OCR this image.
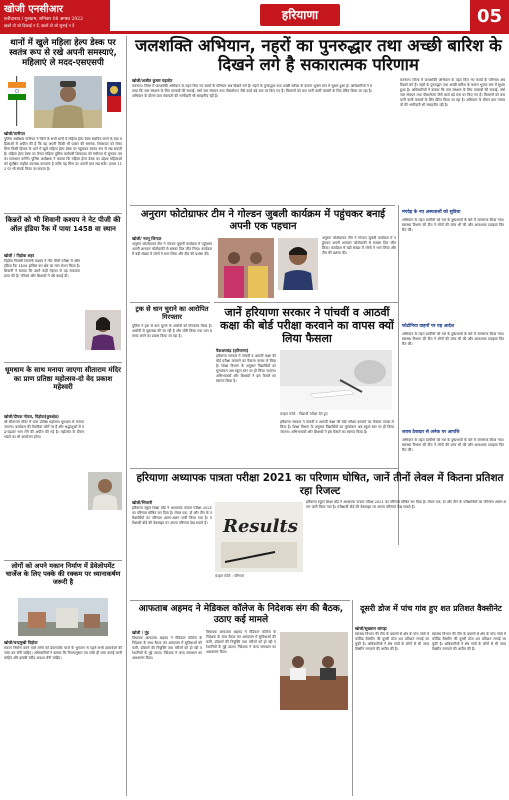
खोजी एनसीआर
फ़रीदाबाद / गुरुग्राम, शनिवार 08 अगस्त 2022
ख़बरें वो जो दिखाई न दें, ख़बरें वो जो सुनाई न दें
हरियाणा	05
थानों में खुले महिला हेल्प डेस्क पर स्वतंत्र रूप से रखे अपनी समस्याएं, महिलाएं ले मदद-एसएसपी
खोजी/पानीपत
पुलिस अधीक्षक पानीपत ने जिले के सभी थानों में महिला हेल्प डेस्क स्थापित करने के बाद महिलाओं से अपील की है कि वह अपनी किसी भी प्रकार की समस्या, शिकायत को लेकर बिना किसी हिचक के थाने में खुले महिला हेल्प डेस्क पर पहुंचकर स्वतंत्र रूप से रख सकती हैं। महिला हेल्प डेस्क पर तैनात महिला पुलिस कर्मचारी शिकायत को गंभीरता से सुनकर उसका समाधान करेंगी। पुलिस अधीक्षक ने बताया कि महिला हेल्प डेस्क का उद्देश्य महिलाओं को सुरक्षित माहौल उपलब्ध करवाना है ताकि वह बिना डर अपनी बात रख सकें। डायल 112 पर भी संपर्क किया जा सकता है।
किन्नरों को भी शिवानी कश्यप ने नेट पीजी की ऑल इंडिया रैंक में पाया 1458 वा स्थान
खोजी / पिहोवा शहर
पिहोवा निवासी शिवानी कश्यप ने नीट पीजी परीक्षा में ऑल इंडिया रैंक 1458 हासिल कर क्षेत्र का नाम रोशन किया है। शिवानी ने बताया कि उसने कड़ी मेहनत से यह सफलता प्राप्त की है। परिवार और शिक्षकों ने उसे बधाई दी।
धूमधाम के साथ मनाया जाएगा सीताराम मंदिर का प्राण प्रतिष्ठा महोत्सव-दो वेद प्रकाश महेश्वरी
खोजी/दीपक गोयल, पिहोवा(कुरुक्षेत्र)
श्री सीताराम मंदिर में प्राण प्रतिष्ठा महोत्सव धूमधाम से मनाया जाएगा। कार्यक्रम की तैयारियां जोरों पर हैं और श्रद्धालुओं से बढ़-चढ़कर भाग लेने की अपील की गई है। महोत्सव के दौरान भंडारे का भी आयोजन होगा।
लोगों को अपने मकान निर्माण में डेवेलोपमेंट चार्जेज के लिए पक्के की रक्कम पर ध्यानाकर्षण जरूरी है
खोजी/चन्द्रमुखी पिहोवा
मकान निर्माण करने वाले लोगों को डेवलपमेंट चार्ज के भुगतान से पहले सभी दस्तावेजों की जांच कर लेनी चाहिए। अधिकारियों ने बताया कि नियमानुसार तय राशि ही जमा कराई जानी चाहिए और इसकी रसीद अवश्य लेनी चाहिए।
जलशक्ति अभियान, नहरों का पुनरुद्धार तथा अच्छी बारिश के दिखने लगे है सकारात्मक परिणाम
खोजी/अजीत कुमार गहलोत
करनाल। जिला में जलशक्ति अभियान के तहत किए गए कार्यों के परिणाम अब दिखने लगे हैं। नहरों के पुनरुद्धार तथा अच्छी बारिश के कारण भूजल स्तर में सुधार हुआ है। अधिकारियों ने बताया कि जल संरक्षण के लिए तालाबों की सफाई, वर्षा जल संचयन तथा पौधारोपण जैसे कार्य बड़े स्तर पर किए गए हैं। किसानों को कम पानी वाली फसलों के लिए प्रेरित किया जा रहा है। अभियान के दौरान ग्राम पंचायतों की भागीदारी भी सराहनीय रही है।
करनाल। जिला में जलशक्ति अभियान के तहत किए गए कार्यों के परिणाम अब दिखने लगे हैं। नहरों के पुनरुद्धार तथा अच्छी बारिश के कारण भूजल स्तर में सुधार हुआ है। अधिकारियों ने बताया कि जल संरक्षण के लिए तालाबों की सफाई, वर्षा जल संचयन तथा पौधारोपण जैसे कार्य बड़े स्तर पर किए गए हैं। किसानों को कम पानी वाली फसलों के लिए प्रेरित किया जा रहा है। अभियान के दौरान ग्राम पंचायतों की भागीदारी भी सराहनीय रही है।
अनुराग फोटोग्राफर टीम ने गोल्डन जुबली कार्यक्रम में पहुंचकर बनाई अपनी एक पहचान
खोजी/ नवनू जिन्दल
अनुराग फोटोग्राफर टीम ने गोल्डन जुबली कार्यक्रम में पहुंचकर अपनी शानदार फोटोग्राफी से सबका दिल जीत लिया। कार्यक्रम में बड़ी संख्या में लोगों ने भाग लिया और टीम की प्रशंसा की।
अनुराग फोटोग्राफर टीम ने गोल्डन जुबली कार्यक्रम में पहुंचकर अपनी शानदार फोटोग्राफी से सबका दिल जीत लिया। कार्यक्रम में बड़ी संख्या में लोगों ने भाग लिया और टीम की प्रशंसा की।
ट्रक से धान चुराने का आरोपित गिरफ्तार
पुलिस ने ट्रक से धान चुराने के आरोपी को गिरफ्तार किया है। आरोपी से पूछताछ की जा रही है और चोरी किया गया धान बरामद करने का प्रयास किया जा रहा है।
मंगदेह के नए अस्पतालों को सुविधा
अभियान के तहत ग्रामीणों को नशे के दुष्प्रभावों के बारे में जागरूक किया गया। स्वास्थ्य विभाग की टीम ने लोगों की जांच भी की और आवश्यक दवाइयां वितरित कीं।
फोटोनिया वाहनों पर यह आदेश
अभियान के तहत ग्रामीणों को नशे के दुष्प्रभावों के बारे में जागरूक किया गया। स्वास्थ्य विभाग की टीम ने लोगों की जांच भी की और आवश्यक दवाइयां वितरित कीं।
शराब ठेकदार से अनेक पर आपत्ति
अभियान के तहत ग्रामीणों को नशे के दुष्प्रभावों के बारे में जागरूक किया गया। स्वास्थ्य विभाग की टीम ने लोगों की जांच भी की और आवश्यक दवाइयां वितरित कीं।
जानें हरियाणा सरकार ने पांचवीं व आठवीं कक्षा की बोर्ड परीक्षा करवाने का वापस क्यों लिया फैसला
पैकअपचंद्र (हरियाणा)
हरियाणा सरकार ने पांचवीं व आठवीं कक्षा की बोर्ड परीक्षा करवाने का फैसला वापस ले लिया है। शिक्षा विभाग के अनुसार विद्यार्थियों का मूल्यांकन अब स्कूल स्तर पर ही किया जाएगा। अभिभावकों और शिक्षकों ने इस फैसले का स्वागत किया है।
फ़ाइल फोटो : विद्यार्थी परीक्षा देते हुए
हरियाणा सरकार ने पांचवीं व आठवीं कक्षा की बोर्ड परीक्षा करवाने का फैसला वापस ले लिया है। शिक्षा विभाग के अनुसार विद्यार्थियों का मूल्यांकन अब स्कूल स्तर पर ही किया जाएगा। अभिभावकों और शिक्षकों ने इस फैसले का स्वागत किया है।
हरियाणा अध्यापक पात्रता परीक्षा 2021 का परिणाम घोषित, जानें तीनों लेवल में कितना प्रतिशत रहा रिजल्ट
खोजी/भिवानी
हरियाणा स्कूल शिक्षा बोर्ड ने अध्यापक पात्रता परीक्षा 2021 का परिणाम घोषित कर दिया है। लेवल एक, दो और तीन के परीक्षार्थियों का परिणाम अलग-अलग जारी किया गया है। परीक्षार्थी बोर्ड की वेबसाइट पर अपना परिणाम देख सकते हैं। Results
फ़ाइल फोटो : परिणाम
हरियाणा स्कूल शिक्षा बोर्ड ने अध्यापक पात्रता परीक्षा 2021 का परिणाम घोषित कर दिया है। लेवल एक, दो और तीन के परीक्षार्थियों का परिणाम अलग-अलग जारी किया गया है। परीक्षार्थी बोर्ड की वेबसाइट पर अपना परिणाम देख सकते हैं।
आफताब अहमद ने मेडिकल कॉलेज के निदेशक संग की बैठक, उठाए कई मामले
खोजी / नूंह
विधायक आफताब अहमद ने मेडिकल कॉलेज के निदेशक के साथ बैठक कर अस्पताल में सुविधाओं की कमी, डॉक्टरों की नियुक्ति तथा मरीजों को हो रही परेशानियों के मुद्दे उठाए। निदेशक ने जल्द समाधान का आश्वासन दिया।
विधायक आफताब अहमद ने मेडिकल कॉलेज के निदेशक के साथ बैठक कर अस्पताल में सुविधाओं की कमी, डॉक्टरों की नियुक्ति तथा मरीजों को हो रही परेशानियों के मुद्दे उठाए। निदेशक ने जल्द समाधान का आश्वासन दिया।
दूसरी डोज में पांच गांव हुए शत प्रतिशत वैक्सीनेट
खोजी/सुखराम जांगड़ा
स्वास्थ्य विभाग की टीम के प्रयासों से क्षेत्र के पांच गांवों में कोविड वैक्सीन की दूसरी डोज शत प्रतिशत लगाई जा चुकी है। अधिकारियों ने शेष गांवों के लोगों से भी जल्द वैक्सीन लगवाने की अपील की है।
स्वास्थ्य विभाग की टीम के प्रयासों से क्षेत्र के पांच गांवों में कोविड वैक्सीन की दूसरी डोज शत प्रतिशत लगाई जा चुकी है। अधिकारियों ने शेष गांवों के लोगों से भी जल्द वैक्सीन लगवाने की अपील की है।
